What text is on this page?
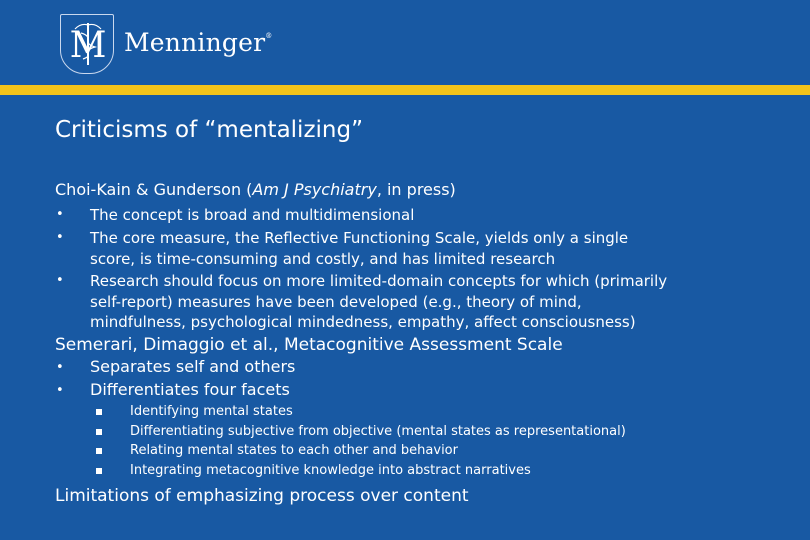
M Menninger®
Criticisms of “mentalizing”
Choi-Kain & Gunderson (Am J Psychiatry, in press)
• The concept is broad and multidimensional
• The core measure, the Reflective Functioning Scale, yields only a single
score, is time-consuming and costly, and has limited research
• Research should focus on more limited-domain concepts for which (primarily
self-report) measures have been developed (e.g., theory of mind,
mindfulness, psychological mindedness, empathy, affect consciousness)
Semerari, Dimaggio et al., Metacognitive Assessment Scale
• Separates self and others
• Differentiates four facets
Identifying mental states
Differentiating subjective from objective (mental states as representational)
Relating mental states to each other and behavior
Integrating metacognitive knowledge into abstract narratives
Limitations of emphasizing process over content
